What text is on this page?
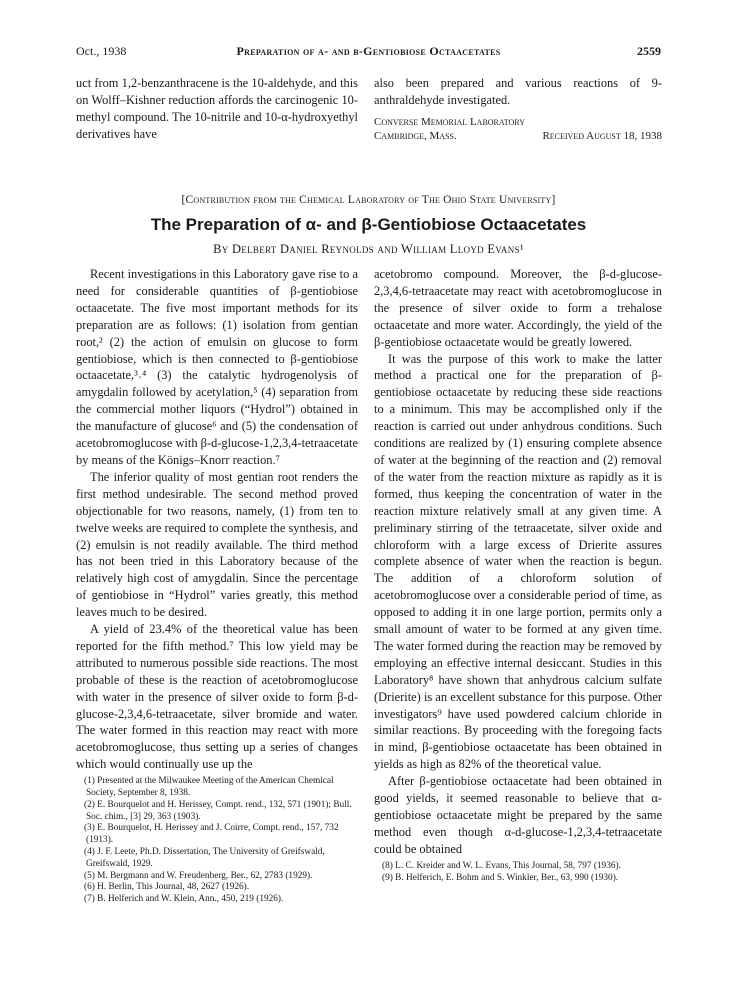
Oct., 1938	Preparation of α- and β-Gentiobiose Octaacetates	2559

uct from 1,2-benzanthracene is the 10-aldehyde, and this on Wolff–Kishner reduction affords the carcinogenic 10-methyl compound. The 10-nitrile and 10-α-hydroxyethyl derivatives have

also been prepared and various reactions of 9-anthraldehyde investigated.

Converse Memorial Laboratory
Cambridge, Mass.	Received August 18, 1938
[Contribution from the Chemical Laboratory of The Ohio State University]
The Preparation of α- and β-Gentiobiose Octaacetates
By Delbert Daniel Reynolds and William Lloyd Evans¹

Recent investigations in this Laboratory gave rise to a need for considerable quantities of β-gentiobiose octaacetate. The five most important methods for its preparation are as follows: (1) isolation from gentian root,² (2) the action of emulsin on glucose to form gentiobiose, which is then connected to β-gentiobiose octaacetate,³˒⁴ (3) the catalytic hydrogenolysis of amygdalin followed by acetylation,⁵ (4) separation from the commercial mother liquors (“Hydrol”) obtained in the manufacture of glucose⁶ and (5) the condensation of acetobromoglucose with β-d-glucose-1,2,3,4-tetraacetate by means of the Königs–Knorr reaction.⁷

The inferior quality of most gentian root renders the first method undesirable. The second method proved objectionable for two reasons, namely, (1) from ten to twelve weeks are required to complete the synthesis, and (2) emulsin is not readily available. The third method has not been tried in this Laboratory because of the relatively high cost of amygdalin. Since the percentage of gentiobiose in “Hydrol” varies greatly, this method leaves much to be desired.

A yield of 23.4% of the theoretical value has been reported for the fifth method.⁷ This low yield may be attributed to numerous possible side reactions. The most probable of these is the reaction of acetobromoglucose with water in the presence of silver oxide to form β-d-glucose-2,3,4,6-tetraacetate, silver bromide and water. The water formed in this reaction may react with more acetobromoglucose, thus setting up a series of changes which would continually use up the

(1) Presented at the Milwaukee Meeting of the American Chemical Society, September 8, 1938.
(2) E. Bourquelot and H. Herissey, Compt. rend., 132, 571 (1901); Bull. Soc. chim., [3] 29, 363 (1903).
(3) E. Bourquelot, H. Herissey and J. Coirre, Compt. rend., 157, 732 (1913).
(4) J. F. Leete, Ph.D. Dissertation, The University of Greifswald, Greifswald, 1929.
(5) M. Bergmann and W. Freudenberg, Ber., 62, 2783 (1929).
(6) H. Berlin, This Journal, 48, 2627 (1926).
(7) B. Helferich and W. Klein, Ann., 450, 219 (1926).

acetobromo compound. Moreover, the β-d-glucose-2,3,4,6-tetraacetate may react with acetobromoglucose in the presence of silver oxide to form a trehalose octaacetate and more water. Accordingly, the yield of the β-gentiobiose octaacetate would be greatly lowered.

It was the purpose of this work to make the latter method a practical one for the preparation of β-gentiobiose octaacetate by reducing these side reactions to a minimum. This may be accomplished only if the reaction is carried out under anhydrous conditions. Such conditions are realized by (1) ensuring complete absence of water at the beginning of the reaction and (2) removal of the water from the reaction mixture as rapidly as it is formed, thus keeping the concentration of water in the reaction mixture relatively small at any given time. A preliminary stirring of the tetraacetate, silver oxide and chloroform with a large excess of Drierite assures complete absence of water when the reaction is begun. The addition of a chloroform solution of acetobromoglucose over a considerable period of time, as opposed to adding it in one large portion, permits only a small amount of water to be formed at any given time. The water formed during the reaction may be removed by employing an effective internal desiccant. Studies in this Laboratory⁸ have shown that anhydrous calcium sulfate (Drierite) is an excellent substance for this purpose. Other investigators⁹ have used powdered calcium chloride in similar reactions. By proceeding with the foregoing facts in mind, β-gentiobiose octaacetate has been obtained in yields as high as 82% of the theoretical value.

After β-gentiobiose octaacetate had been obtained in good yields, it seemed reasonable to believe that α-gentiobiose octaacetate might be prepared by the same method even though α-d-glucose-1,2,3,4-tetraacetate could be obtained

(8) L. C. Kreider and W. L. Evans, This Journal, 58, 797 (1936).
(9) B. Helferich, E. Bohm and S. Winkler, Ber., 63, 990 (1930).
